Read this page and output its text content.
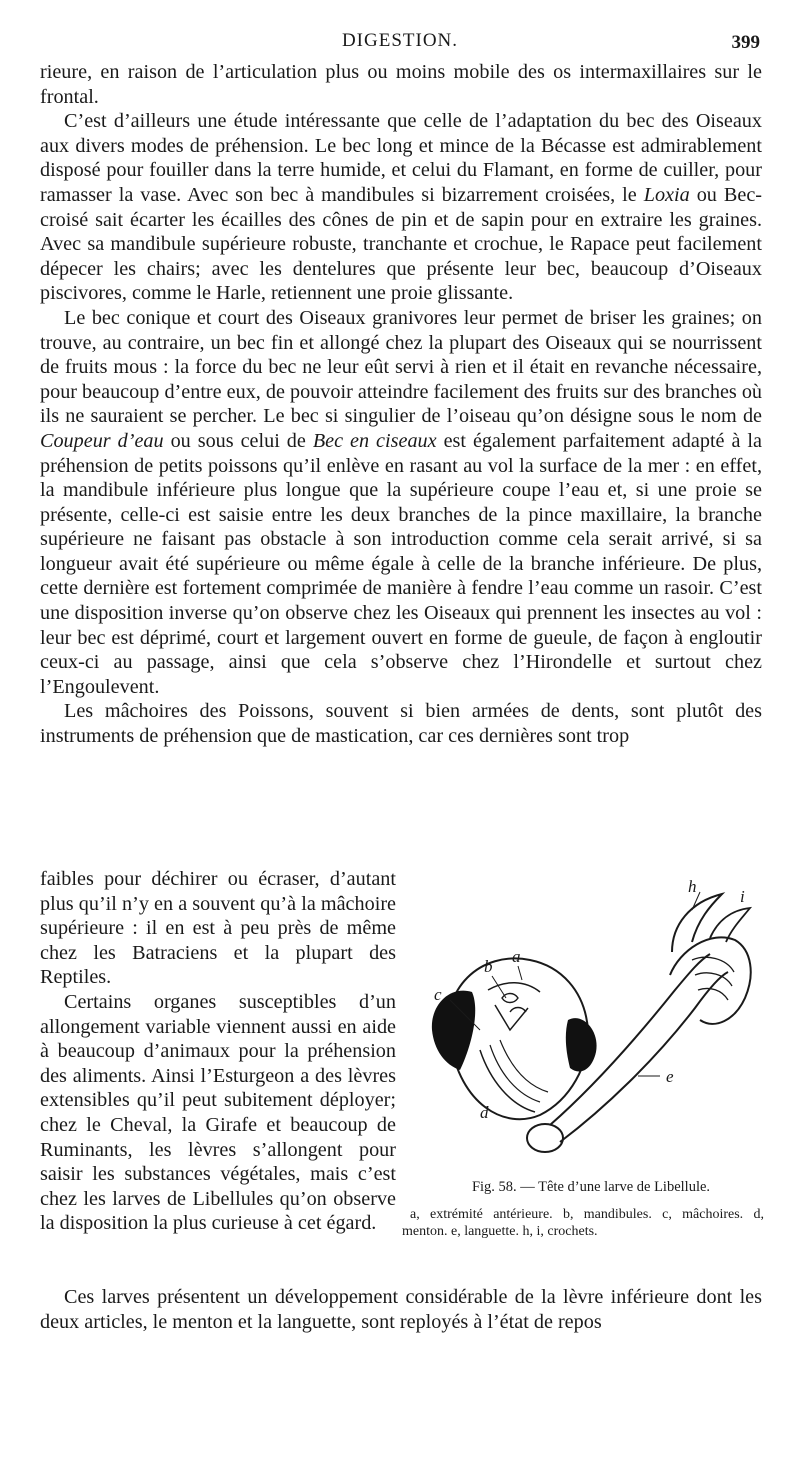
DIGESTION.	399

rieure, en raison de l’articulation plus ou moins mobile des os intermaxillaires sur le frontal.

C’est d’ailleurs une étude intéressante que celle de l’adaptation du bec des Oiseaux aux divers modes de préhension. Le bec long et mince de la Bécasse est admirablement disposé pour fouiller dans la terre humide, et celui du Flamant, en forme de cuiller, pour ramasser la vase. Avec son bec à mandibules si bizarrement croisées, le Loxia ou Bec-croisé sait écarter les écailles des cônes de pin et de sapin pour en extraire les graines. Avec sa mandibule supérieure robuste, tranchante et crochue, le Rapace peut facilement dépecer les chairs; avec les dentelures que présente leur bec, beaucoup d’Oiseaux piscivores, comme le Harle, retiennent une proie glissante.

Le bec conique et court des Oiseaux granivores leur permet de briser les graines; on trouve, au contraire, un bec fin et allongé chez la plupart des Oiseaux qui se nourrissent de fruits mous : la force du bec ne leur eût servi à rien et il était en revanche nécessaire, pour beaucoup d’entre eux, de pouvoir atteindre facilement des fruits sur des branches où ils ne sauraient se percher. Le bec si singulier de l’oiseau qu’on désigne sous le nom de Coupeur d’eau ou sous celui de Bec en ciseaux est également parfaitement adapté à la préhension de petits poissons qu’il enlève en rasant au vol la surface de la mer : en effet, la mandibule inférieure plus longue que la supérieure coupe l’eau et, si une proie se présente, celle-ci est saisie entre les deux branches de la pince maxillaire, la branche supérieure ne faisant pas obstacle à son introduction comme cela serait arrivé, si sa longueur avait été supérieure ou même égale à celle de la branche inférieure. De plus, cette dernière est fortement comprimée de manière à fendre l’eau comme un rasoir. C’est une disposition inverse qu’on observe chez les Oiseaux qui prennent les insectes au vol : leur bec est déprimé, court et largement ouvert en forme de gueule, de façon à engloutir ceux-ci au passage, ainsi que cela s’observe chez l’Hirondelle et surtout chez l’Engoulevent.

Les mâchoires des Poissons, souvent si bien armées de dents, sont plutôt des instruments de préhension que de mastication, car ces dernières sont trop

faibles pour déchirer ou écraser, d’autant plus qu’il n’y en a souvent qu’à la mâchoire supérieure : il en est à peu près de même chez les Batraciens et la plupart des Reptiles.

Certains organes susceptibles d’un allongement variable viennent aussi en aide à beaucoup d’animaux pour la préhension des aliments. Ainsi l’Esturgeon a des lèvres extensibles qu’il peut subitement déployer; chez le Cheval, la Girafe et beaucoup de Ruminants, les lèvres s’allongent pour saisir les substances végétales, mais c’est chez les larves de Libellules qu’on observe la disposition la plus curieuse à cet égard.

a
b
c
d
e
h
i
Fig. 58. — Tête d’une larve de Libellule.
a, extrémité antérieure. b, mandibules. c, mâchoires. d, menton. e, languette. h, i, crochets.

Ces larves présentent un développement considérable de la lèvre inférieure dont les deux articles, le menton et la languette, sont reployés à l’état de repos
